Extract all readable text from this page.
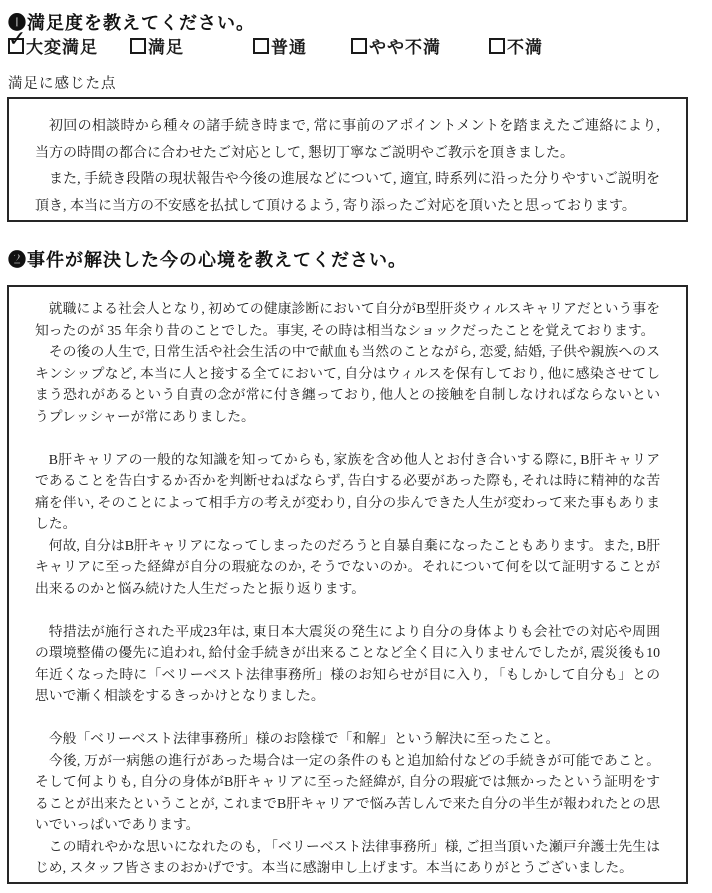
❶満足度を教えてください。
✓
大変満足	満足	普通	やや不満	不満
満足に感じた点

初回の相談時から種々の諸手続き時まで, 常に事前のアポイントメントを踏まえたご連絡により, 当方の時間の都合に合わせたご対応として, 懇切丁寧なご説明やご教示を頂きました。

また, 手続き段階の現状報告や今後の進展などについて, 適宜, 時系列に沿った分りやすいご説明を頂き, 本当に当方の不安感を払拭して頂けるよう, 寄り添ったご対応を頂いたと思っております。

❷事件が解決した今の心境を教えてください。

就職による社会人となり, 初めての健康診断において自分がB型肝炎ウィルスキャリアだという事を知ったのが 35 年余り昔のことでした。事実, その時は相当なショックだったことを覚えております。

その後の人生で, 日常生活や社会生活の中で献血も当然のことながら, 恋愛, 結婚, 子供や親族へのスキンシップなど, 本当に人と接する全てにおいて, 自分はウィルスを保有しており, 他に感染させてしまう恐れがあるという自責の念が常に付き纏っており, 他人との接触を自制しなければならないというプレッシャーが常にありました。

B肝キャリアの一般的な知識を知ってからも, 家族を含め他人とお付き合いする際に, B肝キャリアであることを告白するか否かを判断せねばならず, 告白する必要があった際も, それは時に精神的な苦痛を伴い, そのことによって相手方の考えが変わり, 自分の歩んできた人生が変わって来た事もありました。

何故, 自分はB肝キャリアになってしまったのだろうと自暴自棄になったこともあります。また, B肝キャリアに至った経緯が自分の瑕疵なのか, そうでないのか。それについて何を以て証明することが出来るのかと悩み続けた人生だったと振り返ります。

特措法が施行された平成23年は, 東日本大震災の発生により自分の身体よりも会社での対応や周囲の環境整備の優先に追われ, 給付金手続きが出来ることなど全く目に入りませんでしたが, 震災後も10年近くなった時に「ベリーベスト法律事務所」様のお知らせが目に入り, 「もしかして自分も」との思いで漸く相談をするきっかけとなりました。

今般「ベリーベスト法律事務所」様のお陰様で「和解」という解決に至ったこと。

今後, 万が一病態の進行があった場合は一定の条件のもと追加給付などの手続きが可能であこと。そして何よりも, 自分の身体がB肝キャリアに至った経緯が, 自分の瑕疵では無かったという証明をすることが出来たということが, これまでB肝キャリアで悩み苦しんで来た自分の半生が報われたとの思いでいっぱいであります。

この晴れやかな思いになれたのも, 「ベリーベスト法律事務所」様, ご担当頂いた瀬戸弁護士先生はじめ, スタッフ皆さまのおかげです。本当に感謝申し上げます。本当にありがとうございました。
